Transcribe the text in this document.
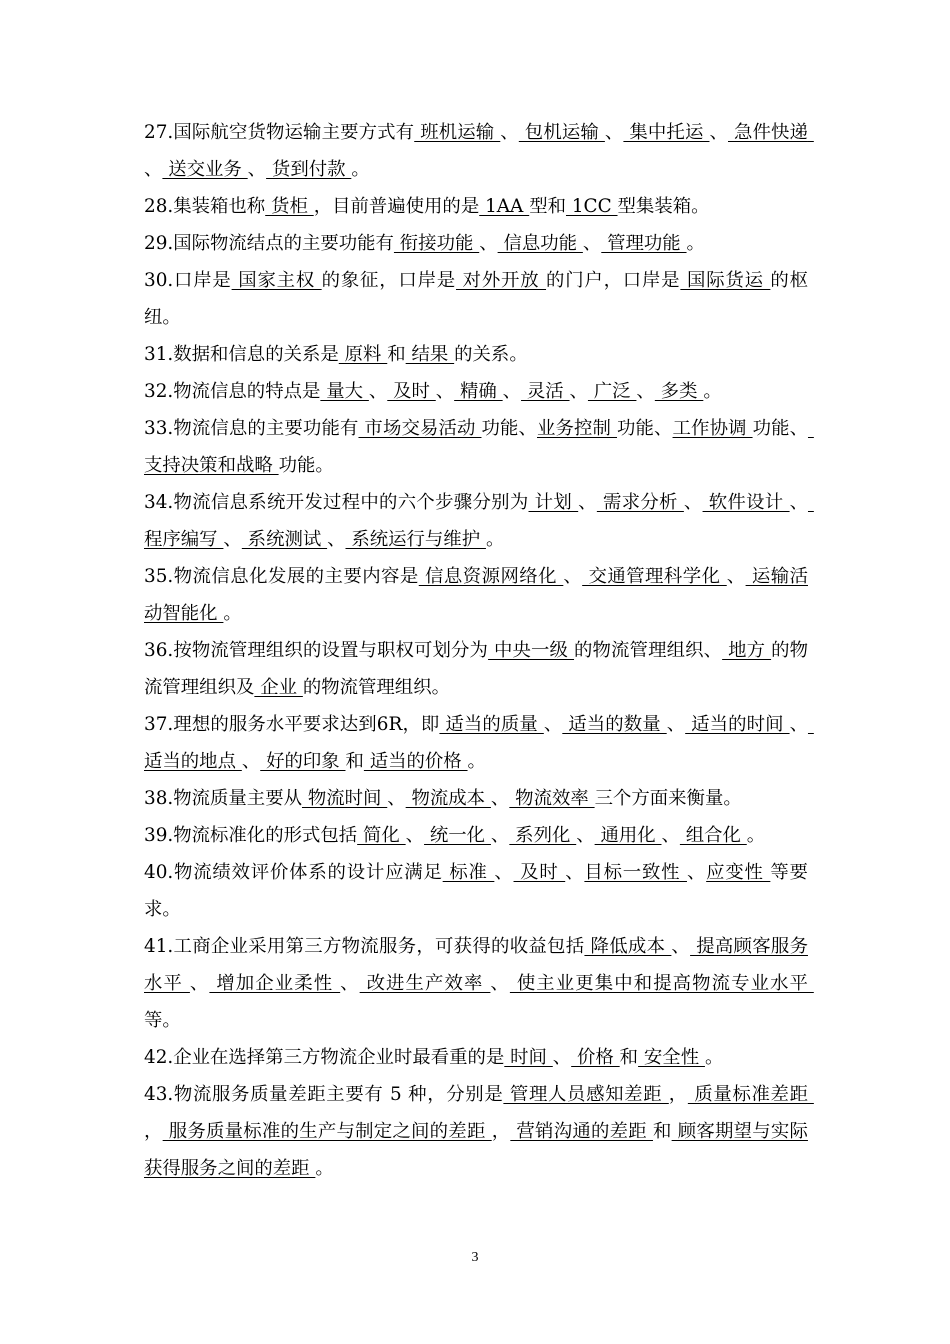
27.国际航空货物运输主要方式有 班机运输 、 包机运输 、 集中托运 、 急件快递 、 送交业务 、 货到付款 。

28.集装箱也称 货柜 ，目前普遍使用的是 1AA 型和 1CC 型集装箱。

29.国际物流结点的主要功能有 衔接功能 、 信息功能 、 管理功能 。

30.口岸是 国家主权 的象征，口岸是 对外开放 的门户，口岸是 国际货运 的枢纽。

31.数据和信息的关系是 原料 和 结果 的关系。

32.物流信息的特点是 量大 、 及时 、 精确 、 灵活 、 广泛 、 多类 。

33.物流信息的主要功能有 市场交易活动 功能、业务控制 功能、工作协调 功能、 支持决策和战略 功能。

34.物流信息系统开发过程中的六个步骤分别为 计划 、 需求分析 、 软件设计 、 程序编写 、 系统测试 、 系统运行与维护 。

35.物流信息化发展的主要内容是 信息资源网络化 、 交通管理科学化 、 运输活动智能化 。

36.按物流管理组织的设置与职权可划分为 中央一级 的物流管理组织、 地方 的物流管理组织及 企业 的物流管理组织。

37.理想的服务水平要求达到6R，即 适当的质量 、 适当的数量 、 适当的时间 、 适当的地点 、 好的印象 和 适当的价格 。

38.物流质量主要从 物流时间 、 物流成本 、 物流效率 三个方面来衡量。

39.物流标准化的形式包括 简化 、 统一化 、 系列化 、 通用化 、 组合化 。

40.物流绩效评价体系的设计应满足 标准 、 及时 、目标一致性 、应变性 等要求。

41.工商企业采用第三方物流服务，可获得的收益包括 降低成本 、 提高顾客服务水平 、 增加企业柔性 、 改进生产效率 、 使主业更集中和提高物流专业水平 等。

42.企业在选择第三方物流企业时最看重的是 时间 、 价格 和 安全性 。

43.物流服务质量差距主要有 5 种，分别是 管理人员感知差距 ， 质量标准差距 ， 服务质量标准的生产与制定之间的差距 ， 营销沟通的差距 和 顾客期望与实际获得服务之间的差距 。

3
